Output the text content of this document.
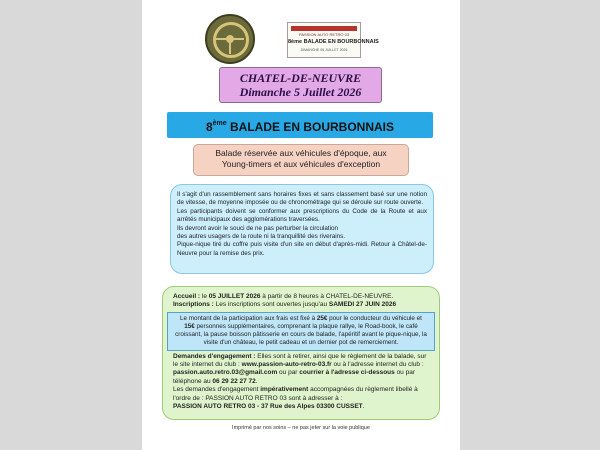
PASSION AUTO RETRO 03
8ème BALADE EN BOURBONNAIS
DIMANCHE 05 JUILLET 2026
CHATEL-DE-NEUVRE
Dimanche 5 Juillet 2026
8ème BALADE EN BOURBONNAIS
Balade réservée aux véhicules d'époque, aux
Young-timers et aux véhicules d'exception

Il s'agit d'un rassemblement sans horaires fixes et sans classement basé sur une notion de vitesse, de moyenne imposée ou de chronométrage qui se déroule sur route ouverte.

Les participants doivent se conformer aux prescriptions du Code de la Route et aux arrêtés municipaux des agglomérations traversées.

Ils devront avoir le souci de ne pas perturber la circulation

des autres usagers de la route ni la tranquillité des riverains.

Pique-nique tiré du coffre puis visite d'un site en début d'après-midi. Retour à Châtel-de-Neuvre pour la remise des prix.

Accueil : le 05 JUILLET 2026 à partir de 8 heures à CHATEL-DE-NEUVRE.

Inscriptions : Les inscriptions sont ouvertes jusqu'au SAMEDI 27 JUIN 2026

Le montant de la participation aux frais est fixé à 25€ pour le conducteur du véhicule et 15€ personnes supplémentaires, comprenant la plaque rallye, le Road-book, le café croissant, la pause boisson pâtisserie en cours de balade, l'apéritif avant le pique-nique, la visite d'un château, le petit cadeau et un dernier pot de remerciement.

Demandes d'engagement : Elles sont à retirer, ainsi que le règlement de la balade, sur le site internet du club : www.passion-auto-retro-03.fr ou à l'adresse internet du club : passion.auto.retro.03@gmail.com ou par courrier à l'adresse ci-dessous ou par téléphone au 06 29 22 27 72.

Les demandes d'engagement impérativement accompagnées du règlement libellé à l'ordre de : PASSION AUTO RETRO 03 sont à adresser à :

PASSION AUTO RETRO 03 - 37 Rue des Alpes 03300 CUSSET.

Imprimé par nos soins – ne pas jeter sur la voie publique
